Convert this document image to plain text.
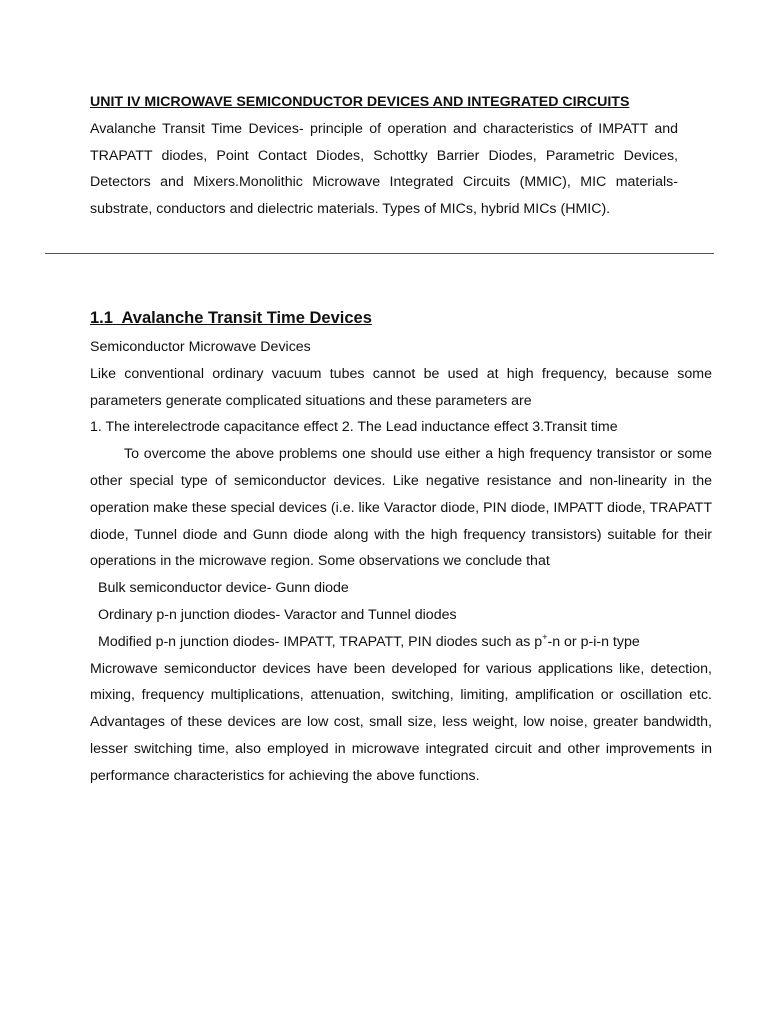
UNIT IV MICROWAVE SEMICONDUCTOR DEVICES AND INTEGRATED CIRCUITS

Avalanche Transit Time Devices- principle of operation and characteristics of IMPATT and TRAPATT diodes, Point Contact Diodes, Schottky Barrier Diodes, Parametric Devices, Detectors and Mixers.Monolithic Microwave Integrated Circuits (MMIC), MIC materials- substrate, conductors and dielectric materials. Types of MICs, hybrid MICs (HMIC).

1.1 Avalanche Transit Time Devices

Semiconductor Microwave Devices

Like conventional ordinary vacuum tubes cannot be used at high frequency, because some parameters generate complicated situations and these parameters are

1. The interelectrode capacitance effect 2. The Lead inductance effect 3.Transit time

To overcome the above problems one should use either a high frequency transistor or some other special type of semiconductor devices. Like negative resistance and non-linearity in the operation make these special devices (i.e. like Varactor diode, PIN diode, IMPATT diode, TRAPATT diode, Tunnel diode and Gunn diode along with the high frequency transistors) suitable for their operations in the microwave region. Some observations we conclude that

Bulk semiconductor device- Gunn diode

Ordinary p-n junction diodes- Varactor and Tunnel diodes

Modified p-n junction diodes- IMPATT, TRAPATT, PIN diodes such as p+-n or p-i-n type

Microwave semiconductor devices have been developed for various applications like, detection, mixing, frequency multiplications, attenuation, switching, limiting, amplification or oscillation etc. Advantages of these devices are low cost, small size, less weight, low noise, greater bandwidth, lesser switching time, also employed in microwave integrated circuit and other improvements in performance characteristics for achieving the above functions.
